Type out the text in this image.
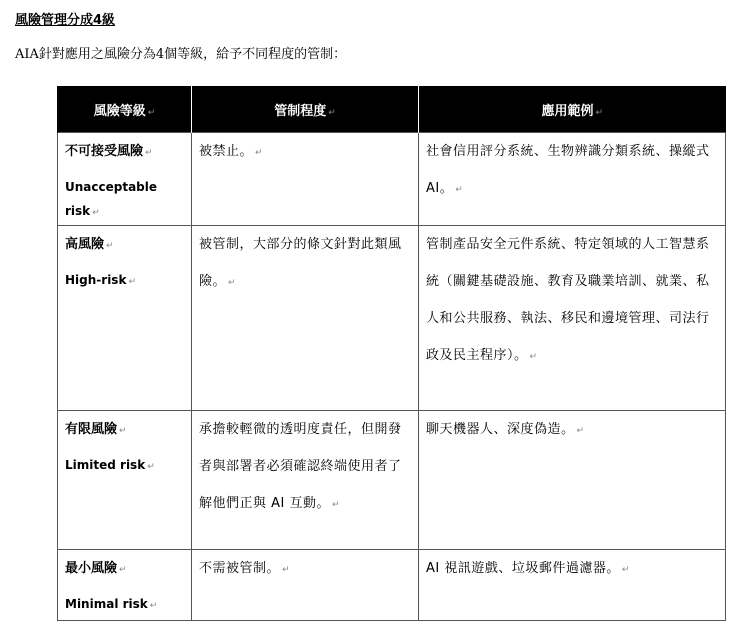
風險管理分成4級
AIA針對應用之風險分為4個等級，給予不同程度的管制：
風險等級 ↵	管制程度 ↵	應用範例 ↵

不可接受風險 ↵
Unacceptable risk ↵	被禁止。 ↵	社會信用評分系統、生物辨識分類系統、操縱式 AI。 ↵

高風險 ↵
High-risk ↵	被管制，大部分的條文針對此類風險。 ↵	管制產品安全元件系統、特定領域的人工智慧系統（關鍵基礎設施、教育及職業培訓、就業、私人和公共服務、執法、移民和邊境管理、司法行政及民主程序）。 ↵

有限風險 ↵
Limited risk ↵	承擔較輕微的透明度責任，但開發者與部署者必須確認終端使用者了解他們正與 AI 互動。 ↵	聊天機器人、深度偽造。 ↵

最小風險 ↵
Minimal risk ↵	不需被管制。 ↵	AI 視訊遊戲、垃圾郵件過濾器。 ↵
